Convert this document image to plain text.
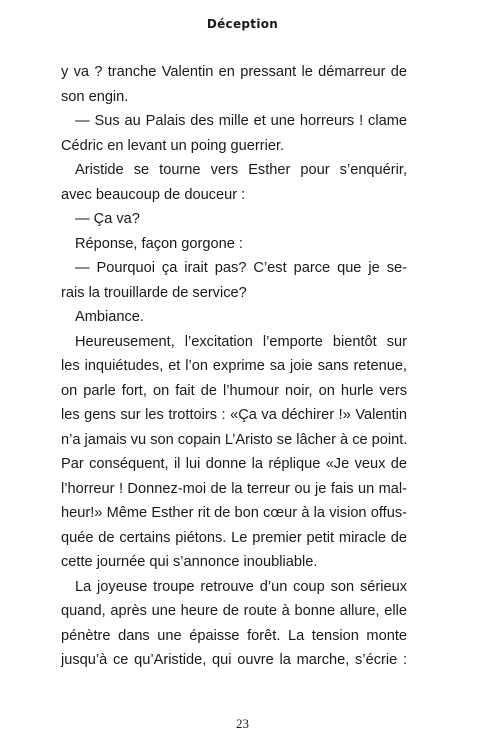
Déception
y va ? tranche Valentin en pressant le démarreur de
son engin.
— Sus au Palais des mille et une horreurs ! clame
Cédric en levant un poing guerrier.
Aristide se tourne vers Esther pour s’enquérir,
avec beaucoup de douceur :
— Ça va?
Réponse, façon gorgone :
— Pourquoi ça irait pas? C’est parce que je se-
rais la trouillarde de service?
Ambiance.
Heureusement, l’excitation l’emporte bientôt sur
les inquiétudes, et l’on exprime sa joie sans retenue,
on parle fort, on fait de l’humour noir, on hurle vers
les gens sur les trottoirs : «Ça va déchirer !» Valentin
n’a jamais vu son copain L’Aristo se lâcher à ce point.
Par conséquent, il lui donne la réplique «Je veux de
l’horreur ! Donnez-moi de la terreur ou je fais un mal-
heur!» Même Esther rit de bon cœur à la vision offus-
quée de certains piétons. Le premier petit miracle de
cette journée qui s’annonce inoubliable.
La joyeuse troupe retrouve d’un coup son sérieux
quand, après une heure de route à bonne allure, elle
pénètre dans une épaisse forêt. La tension monte
jusqu’à ce qu’Aristide, qui ouvre la marche, s’écrie :
23
